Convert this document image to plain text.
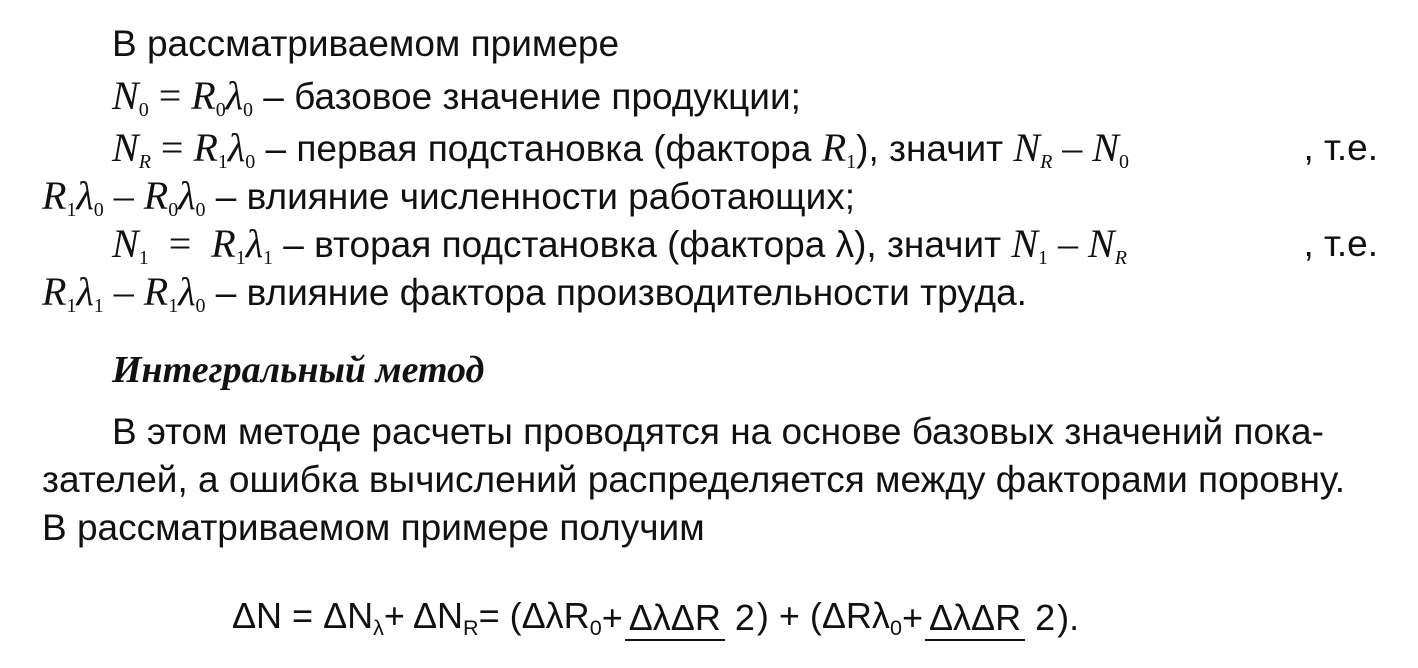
В рассматриваемом примере
$N_0 = R_0\lambda_0$ – базовое значение продукции;
$N_R = R_1\lambda_0$ – первая подстановка (фактора $R_1$), значит $N_R - N_0$	, т.е.
$R_1\lambda_0 - R_0\lambda_0$ – влияние численности работающих;
$N_1 = R_1\lambda_1$ – вторая подстановка (фактора λ), значит $N_1 - N_R$	, т.е.
$R_1\lambda_1 - R_1\lambda_0$ – влияние фактора производительности труда.
Интегральный метод
В этом методе расчеты проводятся на основе базовых значений пока-
зателей, а ошибка вычислений распределяется между факторами поровну.
В рассматриваемом примере получим
ΔN = ΔNλ + ΔNR = (ΔλR0 + ΔλΔR 2 ) + (ΔRλ0 + ΔλΔR 2 ).
